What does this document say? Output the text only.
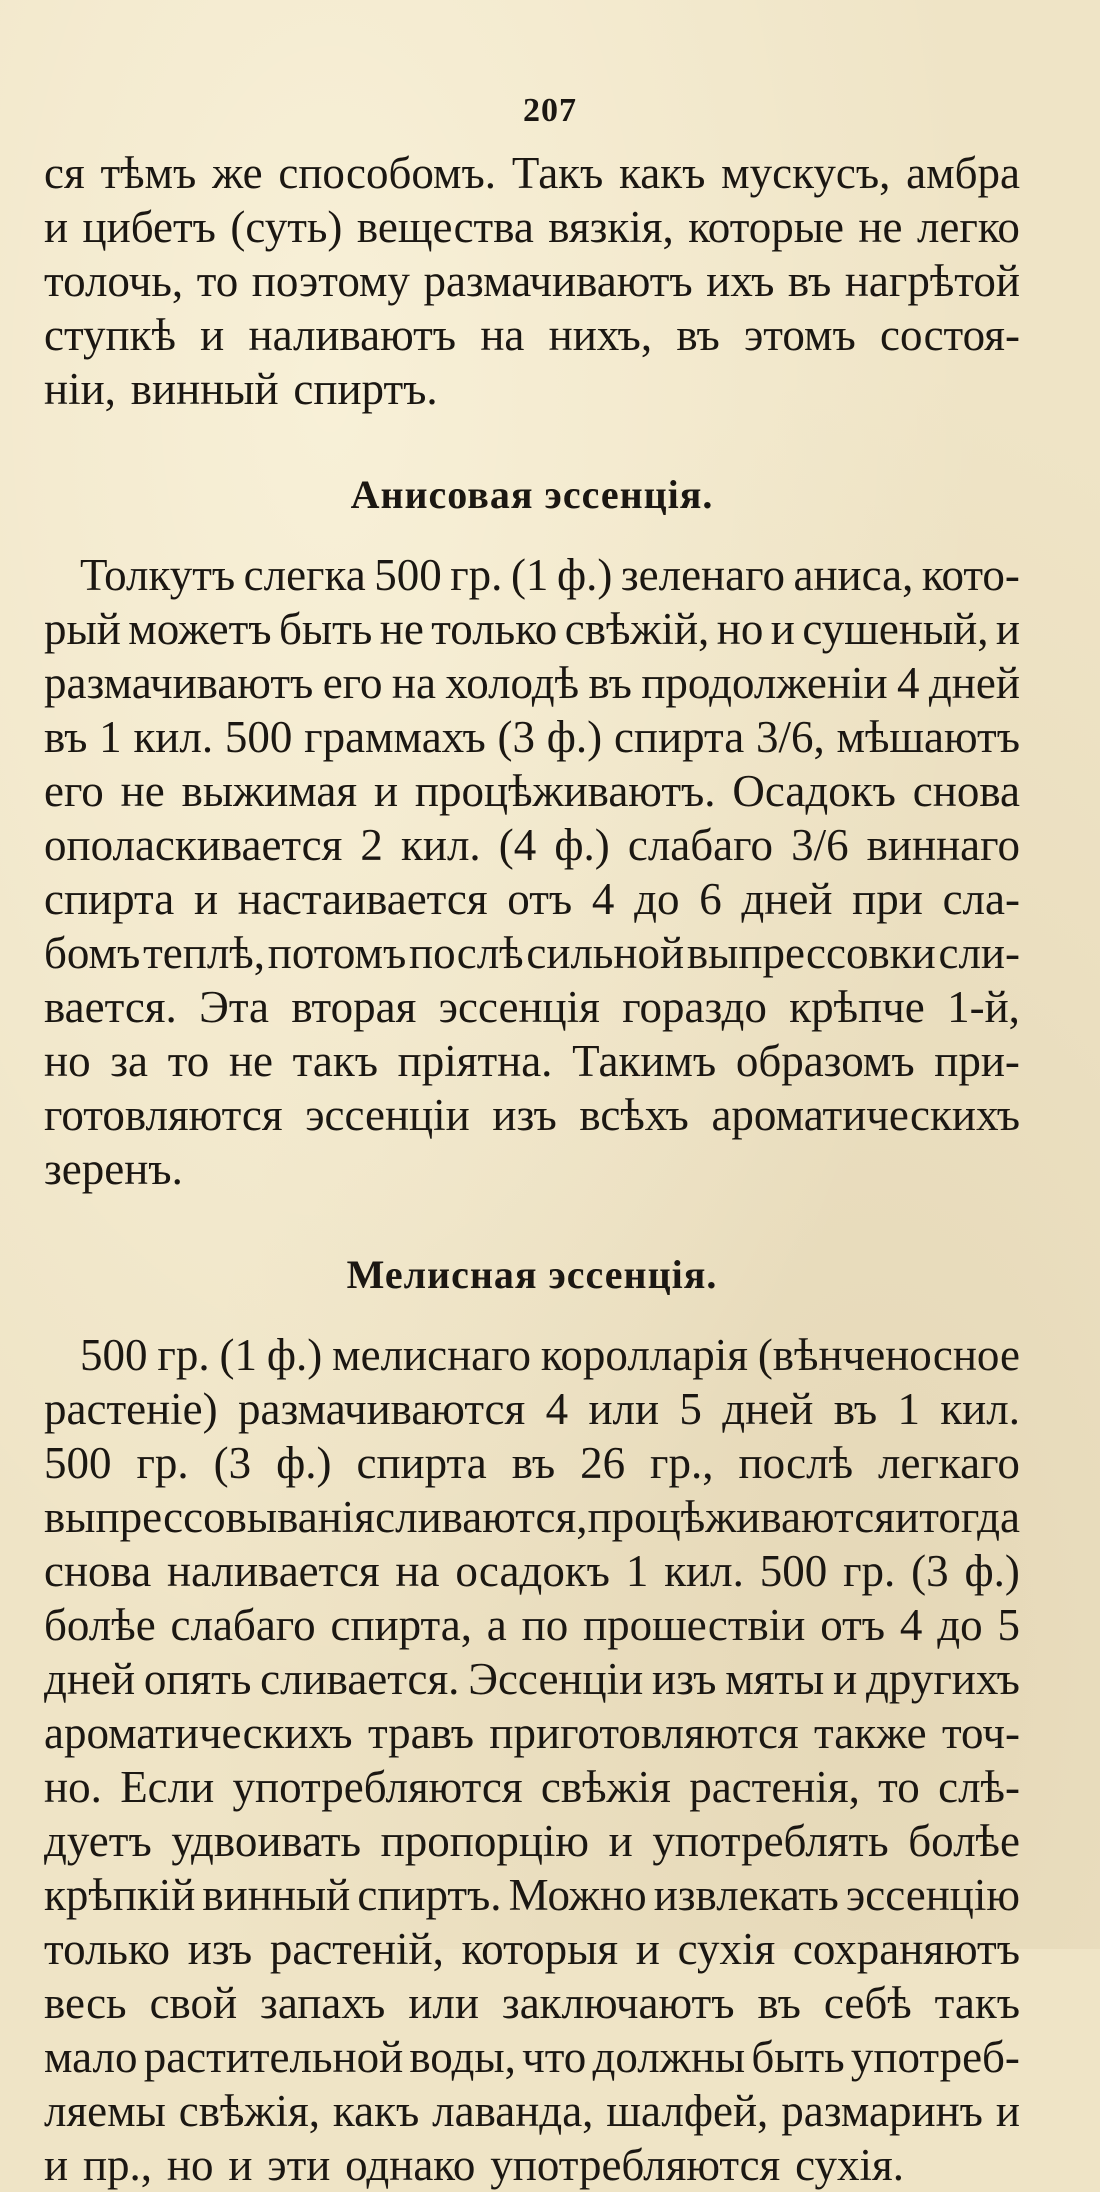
207
ся тѣмъ же способомъ. Такъ какъ мускусъ, амбра
и цибетъ (суть) вещества вязкія, которые не легко
толочь, то поэтому размачиваютъ ихъ въ нагрѣтой
ступкѣ и наливаютъ на нихъ, въ этомъ состоя-
ніи, винный спиртъ.
Анисовая эссенція.
Толкутъ слегка 500 гр. (1 ф.) зеленаго аниса, кото-
рый можетъ быть не только свѣжій, но и сушеный, и
размачиваютъ его на холодѣ въ продолженіи 4 дней
въ 1 кил. 500 граммахъ (3 ф.) спирта 3/6, мѣшаютъ
его не выжимая и процѣживаютъ. Осадокъ снова
ополаскивается 2 кил. (4 ф.) слабаго 3/6 виннаго
спирта и настаивается отъ 4 до 6 дней при сла-
бомъ теплѣ, потомъ послѣ сильной выпрессовки сли-
вается. Эта вторая эссенція гораздо крѣпче 1-й,
но за то не такъ пріятна. Такимъ образомъ при-
готовляются эссенціи изъ всѣхъ ароматическихъ
зеренъ.
Мелисная эссенція.
500 гр. (1 ф.) мелиснаго королларія (вѣнченосное
растеніе) размачиваются 4 или 5 дней въ 1 кил.
500 гр. (3 ф.) спирта въ 26 гр., послѣ легкаго
выпрессовыванія сливаются, процѣживаются и тогда
снова наливается на осадокъ 1 кил. 500 гр. (3 ф.)
болѣе слабаго спирта, а по прошествіи отъ 4 до 5
дней опять сливается. Эссенціи изъ мяты и другихъ
ароматическихъ травъ приготовляются также точ-
но. Если употребляются свѣжія растенія, то слѣ-
дуетъ удвоивать пропорцію и употреблять болѣе
крѣпкій винный спиртъ. Можно извлекать эссенцію
только изъ растеній, которыя и сухія сохраняютъ
весь свой запахъ или заключаютъ въ себѣ такъ
мало растительной воды, что должны быть употреб-
ляемы свѣжія, какъ лаванда, шалфей, размаринъ и
и пр., но и эти однако употребляются сухія.
